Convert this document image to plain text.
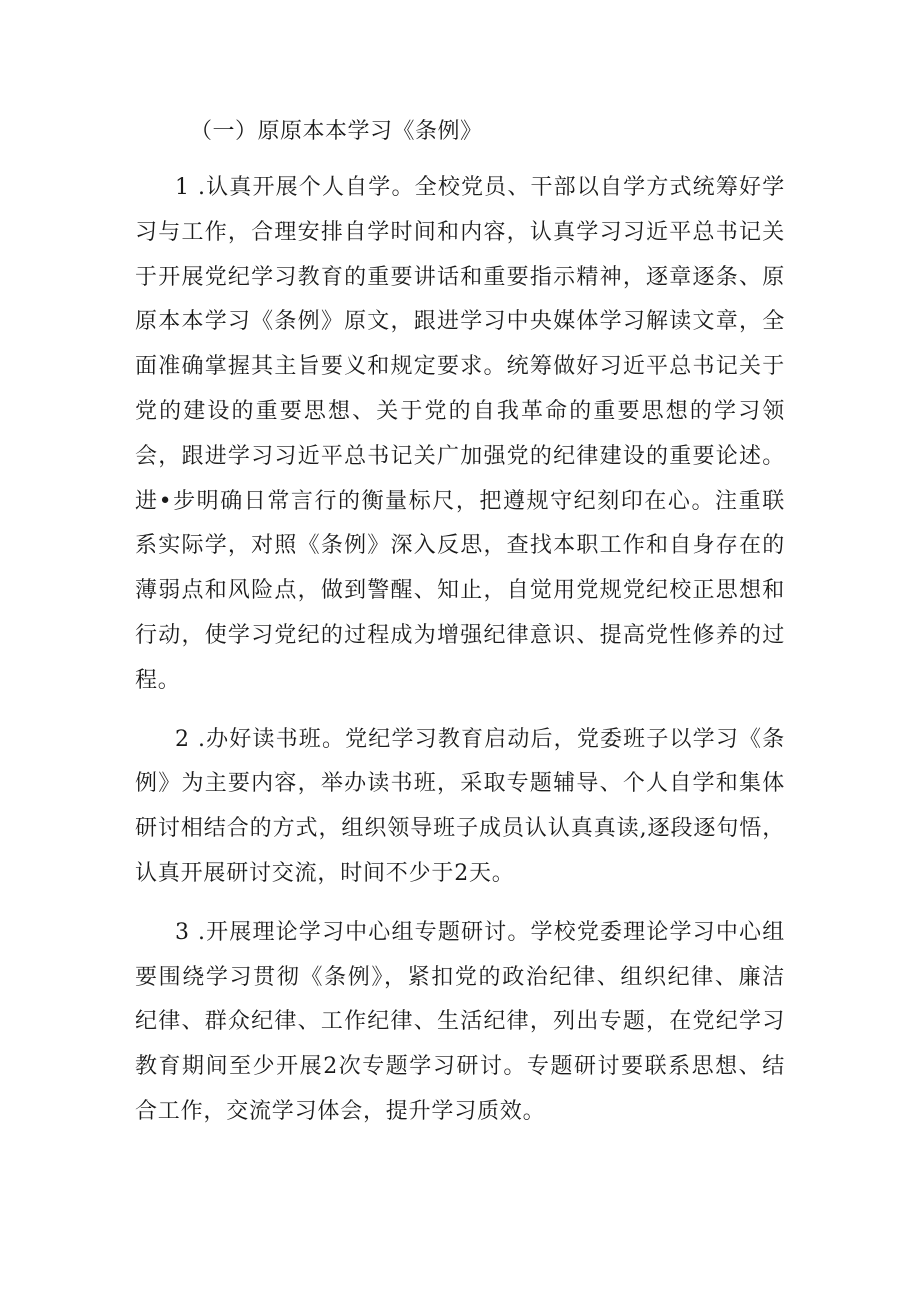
（一）原原本本学习《条例》

1 .认真开展个人自学。全校党员、干部以自学方式统筹好学习与工作，合理安排自学时间和内容，认真学习习近平总书记关于开展党纪学习教育的重要讲话和重要指示精神，逐章逐条、原原本本学习《条例》原文，跟进学习中央媒体学习解读文章，全面准确掌握其主旨要义和规定要求。统筹做好习近平总书记关于党的建设的重要思想、关于党的自我革命的重要思想的学习领会，跟进学习习近平总书记关广加强党的纪律建设的重要论述。进•步明确日常言行的衡量标尺，把遵规守纪刻印在心。注重联系实际学，对照《条例》深入反思，查找本职工作和自身存在的薄弱点和风险点，做到警醒、知止，自觉用党规党纪校正思想和行动，使学习党纪的过程成为增强纪律意识、提高党性修养的过程。

2 .办好读书班。党纪学习教育启动后，党委班子以学习《条例》为主要内容，举办读书班，采取专题辅导、个人自学和集体研讨相结合的方式，组织领导班子成员认认真真读,逐段逐句悟，认真开展研讨交流，时间不少于2天。

3 .开展理论学习中心组专题研讨。学校党委理论学习中心组要围绕学习贯彻《条例》，紧扣党的政治纪律、组织纪律、廉洁纪律、群众纪律、工作纪律、生活纪律，列出专题，在党纪学习教育期间至少开展2次专题学习研讨。专题研讨要联系思想、结合工作，交流学习体会，提升学习质效。
